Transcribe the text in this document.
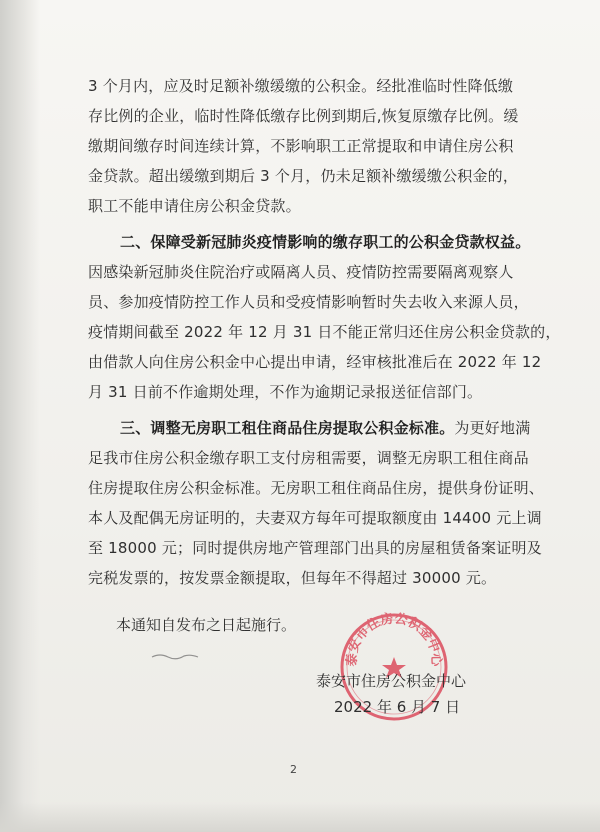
3 个月内，应及时足额补缴缓缴的公积金。经批准临时性降低缴
存比例的企业，临时性降低缴存比例到期后,恢复原缴存比例。缓
缴期间缴存时间连续计算，不影响职工正常提取和申请住房公积
金贷款。超出缓缴到期后 3 个月，仍未足额补缴缓缴公积金的，
职工不能申请住房公积金贷款。
二、保障受新冠肺炎疫情影响的缴存职工的公积金贷款权益。
因感染新冠肺炎住院治疗或隔离人员、疫情防控需要隔离观察人
员、参加疫情防控工作人员和受疫情影响暂时失去收入来源人员，
疫情期间截至 2022 年 12 月 31 日不能正常归还住房公积金贷款的，
由借款人向住房公积金中心提出申请，经审核批准后在 2022 年 12
月 31 日前不作逾期处理，不作为逾期记录报送征信部门。
三、调整无房职工租住商品住房提取公积金标准。为更好地满
足我市住房公积金缴存职工支付房租需要，调整无房职工租住商品
住房提取住房公积金标准。无房职工租住商品住房，提供身份证明、
本人及配偶无房证明的，夫妻双方每年可提取额度由 14400 元上调
至 18000 元；同时提供房地产管理部门出具的房屋租赁备案证明及
完税发票的，按发票金额提取，但每年不得超过 30000 元。
本通知自发布之日起施行。
泰安市住房公积金中心
泰安市住房公积金中心
2022 年 6 月 7 日
2
